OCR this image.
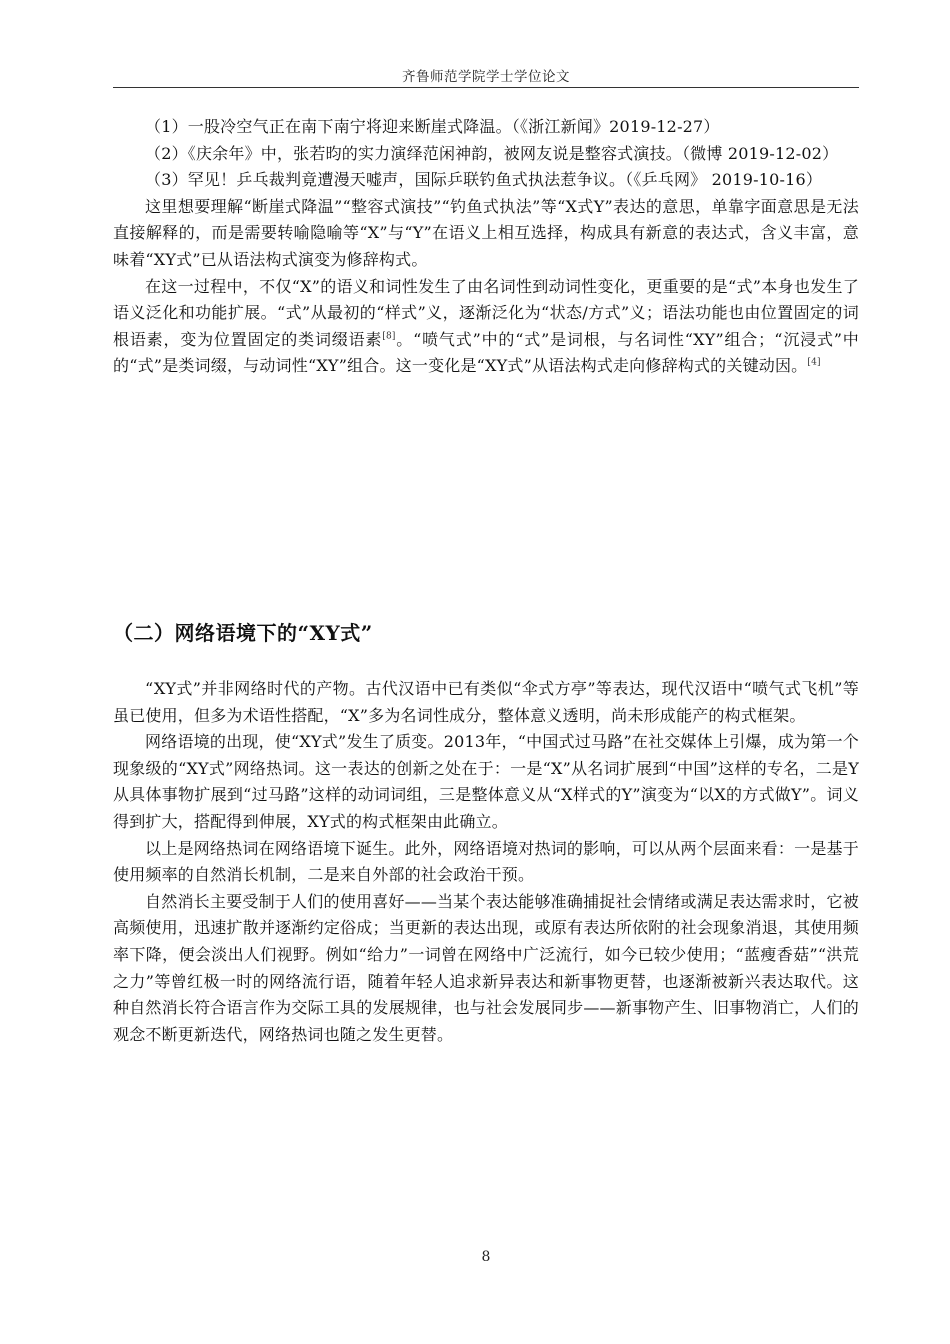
齐鲁师范学院学士学位论文

（1）一股冷空气正在南下南宁将迎来断崖式降温。（《浙江新闻》2019-12-27）

（2）《庆余年》中，张若昀的实力演绎范闲神韵，被网友说是整容式演技。（微博 2019-12-02）

（3）罕见！乒乓裁判竟遭漫天嘘声，国际乒联钓鱼式执法惹争议。（《乒乓网》 2019-10-16）

这里想要理解“断崖式降温”“整容式演技”“钓鱼式执法”等“X式Y”表达的意思，单靠字面意思是无法直接解释的，而是需要转喻隐喻等“X”与“Y”在语义上相互选择，构成具有新意的表达式，含义丰富，意味着“XY式”已从语法构式演变为修辞构式。

在这一过程中，不仅“X”的语义和词性发生了由名词性到动词性变化，更重要的是“式”本身也发生了语义泛化和功能扩展。“式”从最初的“样式”义，逐渐泛化为“状态/方式”义；语法功能也由位置固定的词根语素，变为位置固定的类词缀语素[8]。“喷气式”中的“式”是词根，与名词性“XY”组合；“沉浸式”中的“式”是类词缀，与动词性“XY”组合。这一变化是“XY式”从语法构式走向修辞构式的关键动因。[4]

（二）网络语境下的“XY式”

“XY式”并非网络时代的产物。古代汉语中已有类似“伞式方亭”等表达，现代汉语中“喷气式飞机”等虽已使用，但多为术语性搭配，“X”多为名词性成分，整体意义透明，尚未形成能产的构式框架。

网络语境的出现，使“XY式”发生了质变。2013年，“中国式过马路”在社交媒体上引爆，成为第一个现象级的“XY式”网络热词。这一表达的创新之处在于：一是“X”从名词扩展到“中国”这样的专名，二是Y从具体事物扩展到“过马路”这样的动词词组，三是整体意义从“X样式的Y”演变为“以X的方式做Y”。词义得到扩大，搭配得到伸展，XY式的构式框架由此确立。

以上是网络热词在网络语境下诞生。此外，网络语境对热词的影响，可以从两个层面来看：一是基于使用频率的自然消长机制，二是来自外部的社会政治干预。

自然消长主要受制于人们的使用喜好——当某个表达能够准确捕捉社会情绪或满足表达需求时，它被高频使用，迅速扩散并逐渐约定俗成；当更新的表达出现，或原有表达所依附的社会现象消退，其使用频率下降，便会淡出人们视野。例如“给力”一词曾在网络中广泛流行，如今已较少使用；“蓝瘦香菇”“洪荒之力”等曾红极一时的网络流行语，随着年轻人追求新异表达和新事物更替，也逐渐被新兴表达取代。这种自然消长符合语言作为交际工具的发展规律，也与社会发展同步——新事物产生、旧事物消亡，人们的观念不断更新迭代，网络热词也随之发生更替。

8
